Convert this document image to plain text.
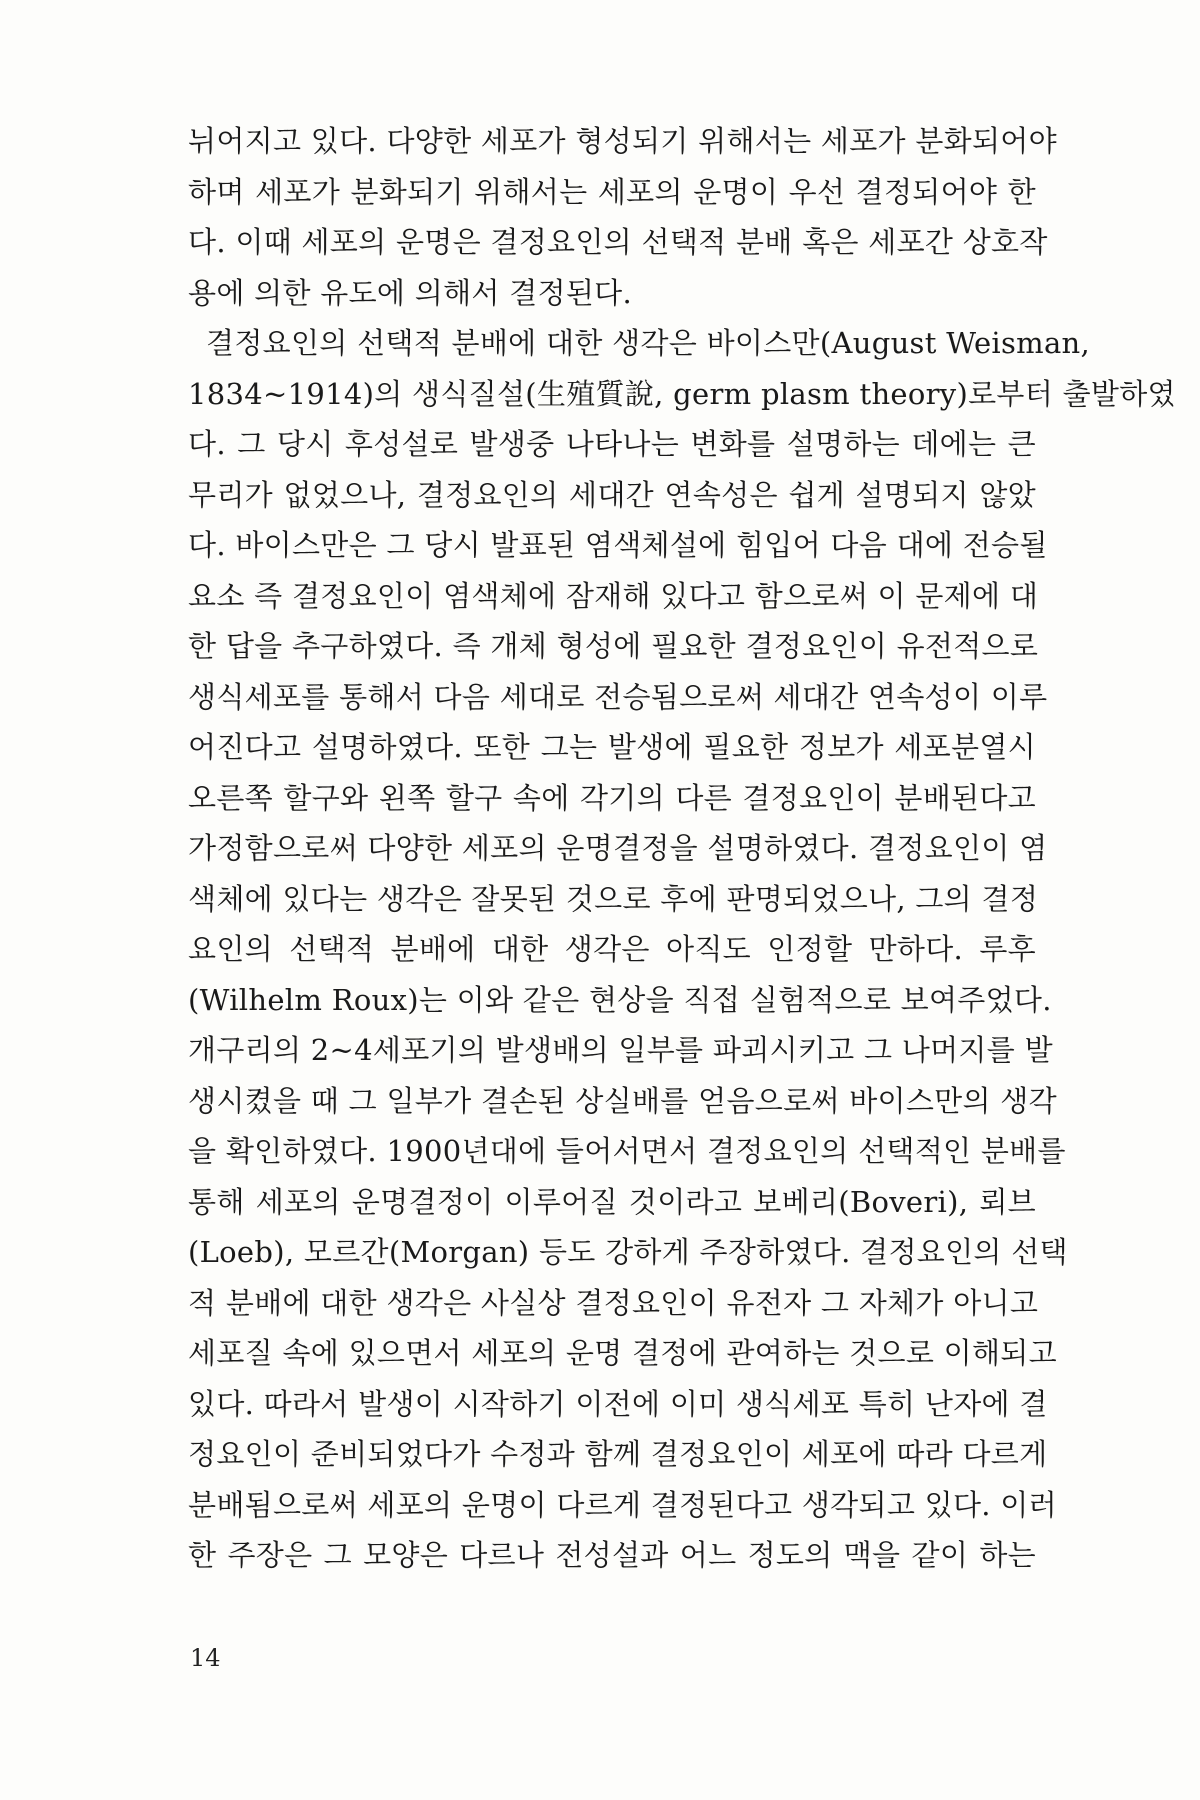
뉘어지고 있다. 다양한 세포가 형성되기 위해서는 세포가 분화되어야
하며 세포가 분화되기 위해서는 세포의 운명이 우선 결정되어야 한
다. 이때 세포의 운명은 결정요인의 선택적 분배 혹은 세포간 상호작
용에 의한 유도에 의해서 결정된다.
결정요인의 선택적 분배에 대한 생각은 바이스만(August Weisman,
1834~1914)의 생식질설(生殖質說, germ plasm theory)로부터 출발하였
다. 그 당시 후성설로 발생중 나타나는 변화를 설명하는 데에는 큰
무리가 없었으나, 결정요인의 세대간 연속성은 쉽게 설명되지 않았
다. 바이스만은 그 당시 발표된 염색체설에 힘입어 다음 대에 전승될
요소 즉 결정요인이 염색체에 잠재해 있다고 함으로써 이 문제에 대
한 답을 추구하였다. 즉 개체 형성에 필요한 결정요인이 유전적으로
생식세포를 통해서 다음 세대로 전승됨으로써 세대간 연속성이 이루
어진다고 설명하였다. 또한 그는 발생에 필요한 정보가 세포분열시
오른쪽 할구와 왼쪽 할구 속에 각기의 다른 결정요인이 분배된다고
가정함으로써 다양한 세포의 운명결정을 설명하였다. 결정요인이 염
색체에 있다는 생각은 잘못된 것으로 후에 판명되었으나, 그의 결정
요인의 선택적 분배에 대한 생각은 아직도 인정할 만하다. 루후
(Wilhelm Roux)는 이와 같은 현상을 직접 실험적으로 보여주었다.
개구리의 2~4세포기의 발생배의 일부를 파괴시키고 그 나머지를 발
생시켰을 때 그 일부가 결손된 상실배를 얻음으로써 바이스만의 생각
을 확인하였다. 1900년대에 들어서면서 결정요인의 선택적인 분배를
통해 세포의 운명결정이 이루어질 것이라고 보베리(Boveri), 뢰브
(Loeb), 모르간(Morgan) 등도 강하게 주장하였다. 결정요인의 선택
적 분배에 대한 생각은 사실상 결정요인이 유전자 그 자체가 아니고
세포질 속에 있으면서 세포의 운명 결정에 관여하는 것으로 이해되고
있다. 따라서 발생이 시작하기 이전에 이미 생식세포 특히 난자에 결
정요인이 준비되었다가 수정과 함께 결정요인이 세포에 따라 다르게
분배됨으로써 세포의 운명이 다르게 결정된다고 생각되고 있다. 이러
한 주장은 그 모양은 다르나 전성설과 어느 정도의 맥을 같이 하는
14
